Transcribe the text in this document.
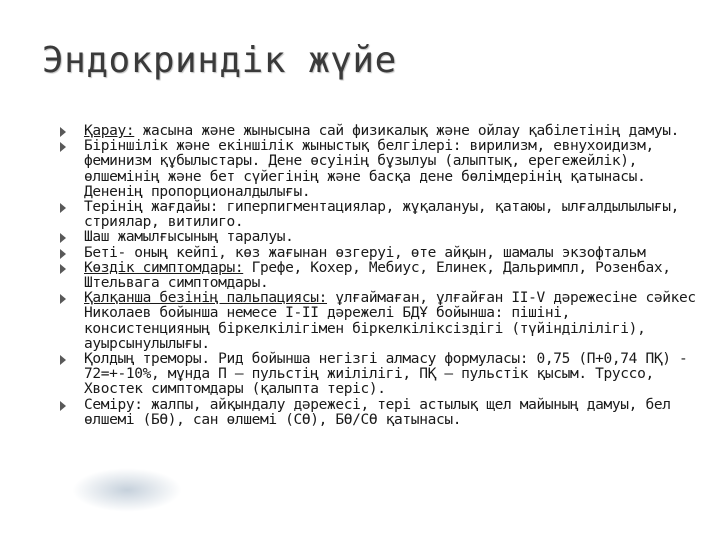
Эндокриндік жүйе
Қарау: жасына және жынысына сай физикалық және ойлау қабілетінің дамуы.
Біріншілік және екіншілік жыныстық белгілері: вирилизм, евнухоидизм, феминизм құбылыстары. Дене өсуінің бұзылуы (алыптық, ерегежейлік), өлшемінің және бет сүйегінің және басқа дене бөлімдерінің қатынасы. Дененің пропорционалдылығы.
Терінің жағдайы: гиперпигментациялар, жұқалануы, қатаюы, ылғалдылылығы, стриялар, витилиго.
Шаш жамылғысының таралуы.
Беті- оның кейпі, көз жағынан өзгеруі, өте айқын, шамалы экзофтальм
Көздік симптомдары: Грефе, Кохер, Мебиус, Елинек, Дальримпл, Розенбах, Штельвага симптомдары.
Қалқанша безінің пальпациясы: ұлғаймаған, ұлғайған II-V дәрежесіне сәйкес Николаев бойынша немесе I-II дәрежелі БДҰ бойынша: пішіні, консистенцияның біркелкілігімен біркелкіліксіздігі (түйінділілігі), ауырсынулылығы.
Қолдың треморы. Рид бойынша негізгі алмасу формуласы: 0,75 (П+0,74 ПҚ) - 72=+-10%, мұнда П – пульстің жиілілігі, ПҚ – пульстік қысым. Труссо, Хвостек симптомдары (қалыпта теріс).
Семіру: жалпы, айқындалу дәрежесі, тері астылық щел майының дамуы, бел өлшемі (БӨ), сан өлшемі (СӨ), БӨ/СӨ қатынасы.
